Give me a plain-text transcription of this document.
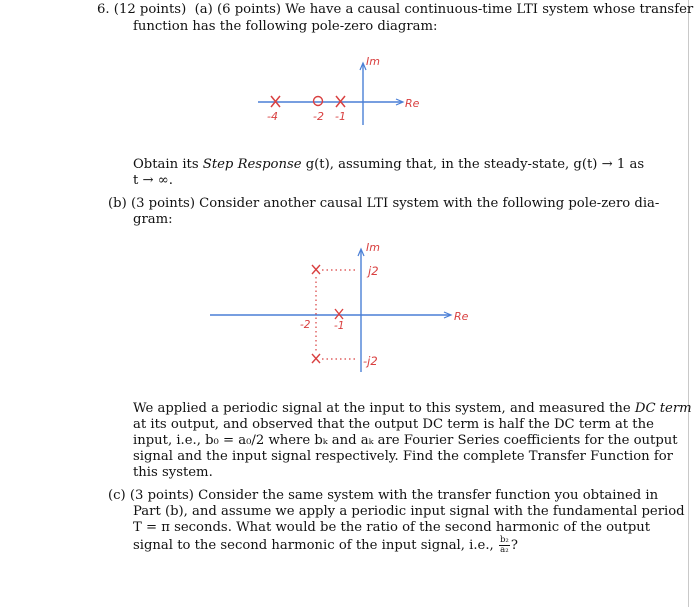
6. (12 points) (a) (6 points) We have a causal continuous-time LTI system whose transfer
function has the following pole-zero diagram:
Im
Re
-4	-2 -1
Obtain its Step Response g(t), assuming that, in the steady-state, g(t) → 1 as
t → ∞.
(b) (3 points) Consider another causal LTI system with the following pole-zero dia-
gram:
Im
j2
Re
-2 -1
-j2
We applied a periodic signal at the input to this system, and measured the DC term
at its output, and observed that the output DC term is half the DC term at the
input, i.e., b₀ = a₀/2 where bₖ and aₖ are Fourier Series coefficients for the output
signal and the input signal respectively. Find the complete Transfer Function for
this system.
(c) (3 points) Consider the same system with the transfer function you obtained in
Part (b), and assume we apply a periodic input signal with the fundamental period
T = π seconds. What would be the ratio of the second harmonic of the output
signal to the second harmonic of the input signal, i.e., $\frac{\text{b₂}}{\text{a₂}}$ ?
